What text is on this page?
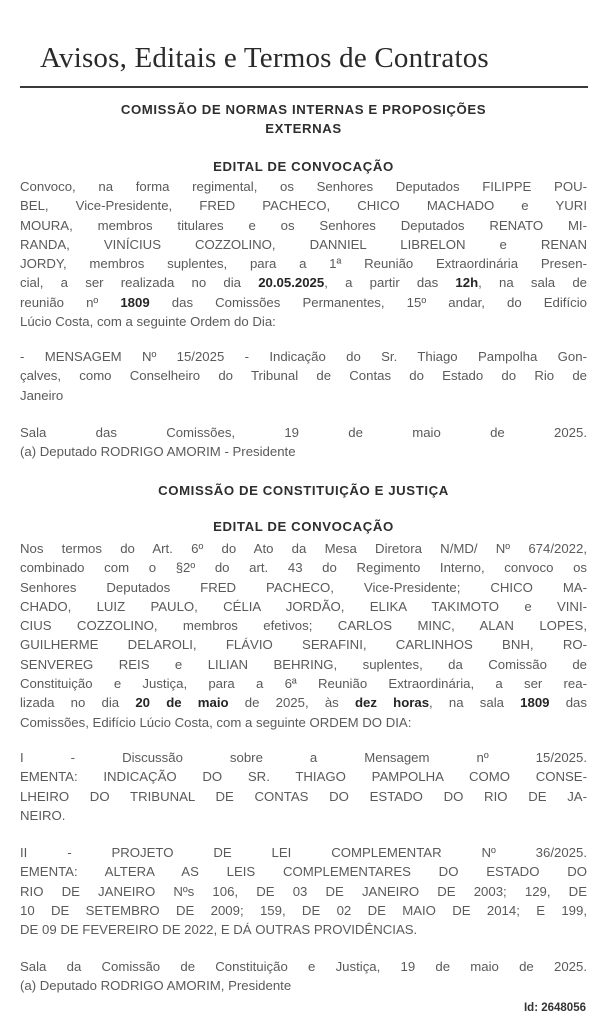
Avisos, Editais e Termos de Contratos
COMISSÃO DE NORMAS INTERNAS E PROPOSIÇÕES
EXTERNAS
EDITAL DE CONVOCAÇÃO
Convoco, na forma regimental, os Senhores Deputados FILIPPE POU-
BEL, Vice-Presidente, FRED PACHECO, CHICO MACHADO e YURI
MOURA, membros titulares e os Senhores Deputados RENATO MI-
RANDA, VINÍCIUS COZZOLINO, DANNIEL LIBRELON e RENAN
JORDY, membros suplentes, para a 1ª Reunião Extraordinária Presen-
cial, a ser realizada no dia 20.05.2025, a partir das 12h, na sala de
reunião nº 1809 das Comissões Permanentes, 15º andar, do Edifício
Lúcio Costa, com a seguinte Ordem do Dia:
- MENSAGEM Nº 15/2025 - Indicação do Sr. Thiago Pampolha Gon-
çalves, como Conselheiro do Tribunal de Contas do Estado do Rio de
Janeiro
Sala das Comissões, 19 de maio de 2025.
(a) Deputado RODRIGO AMORIM - Presidente
COMISSÃO DE CONSTITUIÇÃO E JUSTIÇA
EDITAL DE CONVOCAÇÃO
Nos termos do Art. 6º do Ato da Mesa Diretora N/MD/ Nº 674/2022,
combinado com o §2º do art. 43 do Regimento Interno, convoco os
Senhores Deputados FRED PACHECO, Vice-Presidente; CHICO MA-
CHADO, LUIZ PAULO, CÉLIA JORDÃO, ELIKA TAKIMOTO e VINI-
CIUS COZZOLINO, membros efetivos; CARLOS MINC, ALAN LOPES,
GUILHERME DELAROLI, FLÁVIO SERAFINI, CARLINHOS BNH, RO-
SENVEREG REIS e LILIAN BEHRING, suplentes, da Comissão de
Constituição e Justiça, para a 6ª Reunião Extraordinária, a ser rea-
lizada no dia 20 de maio de 2025, às dez horas, na sala 1809 das
Comissões, Edifício Lúcio Costa, com a seguinte ORDEM DO DIA:
I - Discussão sobre a Mensagem nº 15/2025.
EMENTA: INDICAÇÃO DO SR. THIAGO PAMPOLHA COMO CONSE-
LHEIRO DO TRIBUNAL DE CONTAS DO ESTADO DO RIO DE JA-
NEIRO.
II - PROJETO DE LEI COMPLEMENTAR Nº 36/2025.
EMENTA: ALTERA AS LEIS COMPLEMENTARES DO ESTADO DO
RIO DE JANEIRO Nºs 106, DE 03 DE JANEIRO DE 2003; 129, DE
10 DE SETEMBRO DE 2009; 159, DE 02 DE MAIO DE 2014; E 199,
DE 09 DE FEVEREIRO DE 2022, E DÁ OUTRAS PROVIDÊNCIAS.
Sala da Comissão de Constituição e Justiça, 19 de maio de 2025.
(a) Deputado RODRIGO AMORIM, Presidente
Id: 2648056
